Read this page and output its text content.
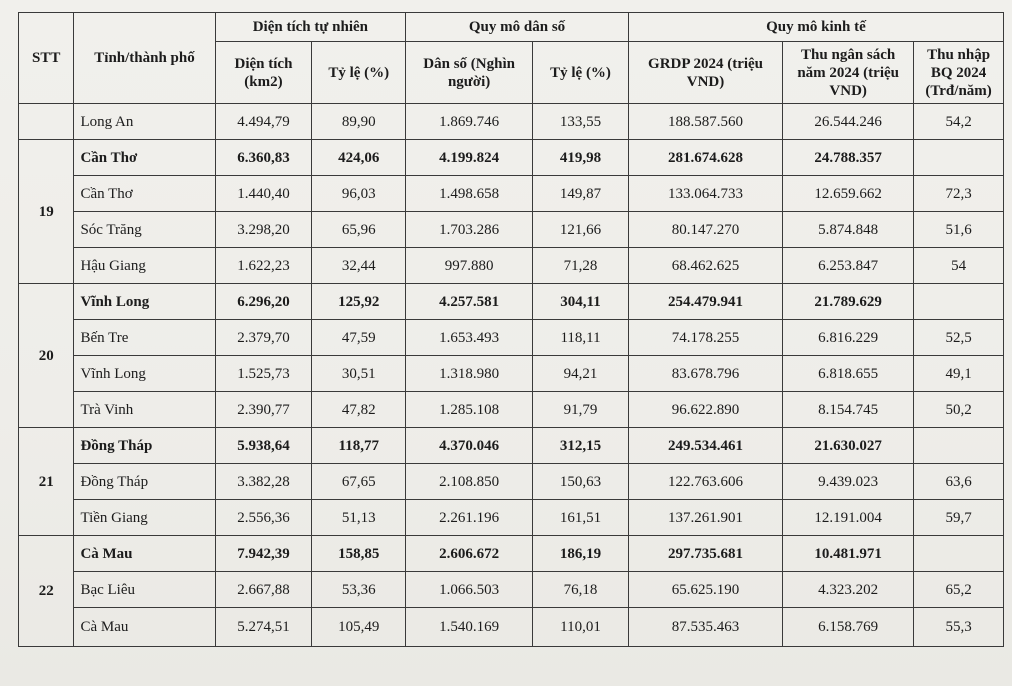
STT	Tỉnh/thành phố	Diện tích tự nhiên		Quy mô dân số		Quy mô kinh tế		
		Diện tích (km2)	Tỷ lệ (%)	Dân số (Nghìn người)	Tỷ lệ (%)	GRDP 2024 (triệu VND)	Thu ngân sách năm 2024 (triệu VND)	Thu nhập BQ 2024 (Trđ/năm)
	Long An	4.494,79	89,90	1.869.746	133,55	188.587.560	26.544.246	54,2
19	Cần Thơ	6.360,83	424,06	4.199.824	419,98	281.674.628	24.788.357	
	Cần Thơ	1.440,40	96,03	1.498.658	149,87	133.064.733	12.659.662	72,3
	Sóc Trăng	3.298,20	65,96	1.703.286	121,66	80.147.270	5.874.848	51,6
	Hậu Giang	1.622,23	32,44	997.880	71,28	68.462.625	6.253.847	54
20	Vĩnh Long	6.296,20	125,92	4.257.581	304,11	254.479.941	21.789.629	
	Bến Tre	2.379,70	47,59	1.653.493	118,11	74.178.255	6.816.229	52,5
	Vĩnh Long	1.525,73	30,51	1.318.980	94,21	83.678.796	6.818.655	49,1
	Trà Vinh	2.390,77	47,82	1.285.108	91,79	96.622.890	8.154.745	50,2
21	Đồng Tháp	5.938,64	118,77	4.370.046	312,15	249.534.461	21.630.027	
	Đồng Tháp	3.382,28	67,65	2.108.850	150,63	122.763.606	9.439.023	63,6
	Tiền Giang	2.556,36	51,13	2.261.196	161,51	137.261.901	12.191.004	59,7
22	Cà Mau	7.942,39	158,85	2.606.672	186,19	297.735.681	10.481.971	
	Bạc Liêu	2.667,88	53,36	1.066.503	76,18	65.625.190	4.323.202	65,2
	Cà Mau	5.274,51	105,49	1.540.169	110,01	87.535.463	6.158.769	55,3
